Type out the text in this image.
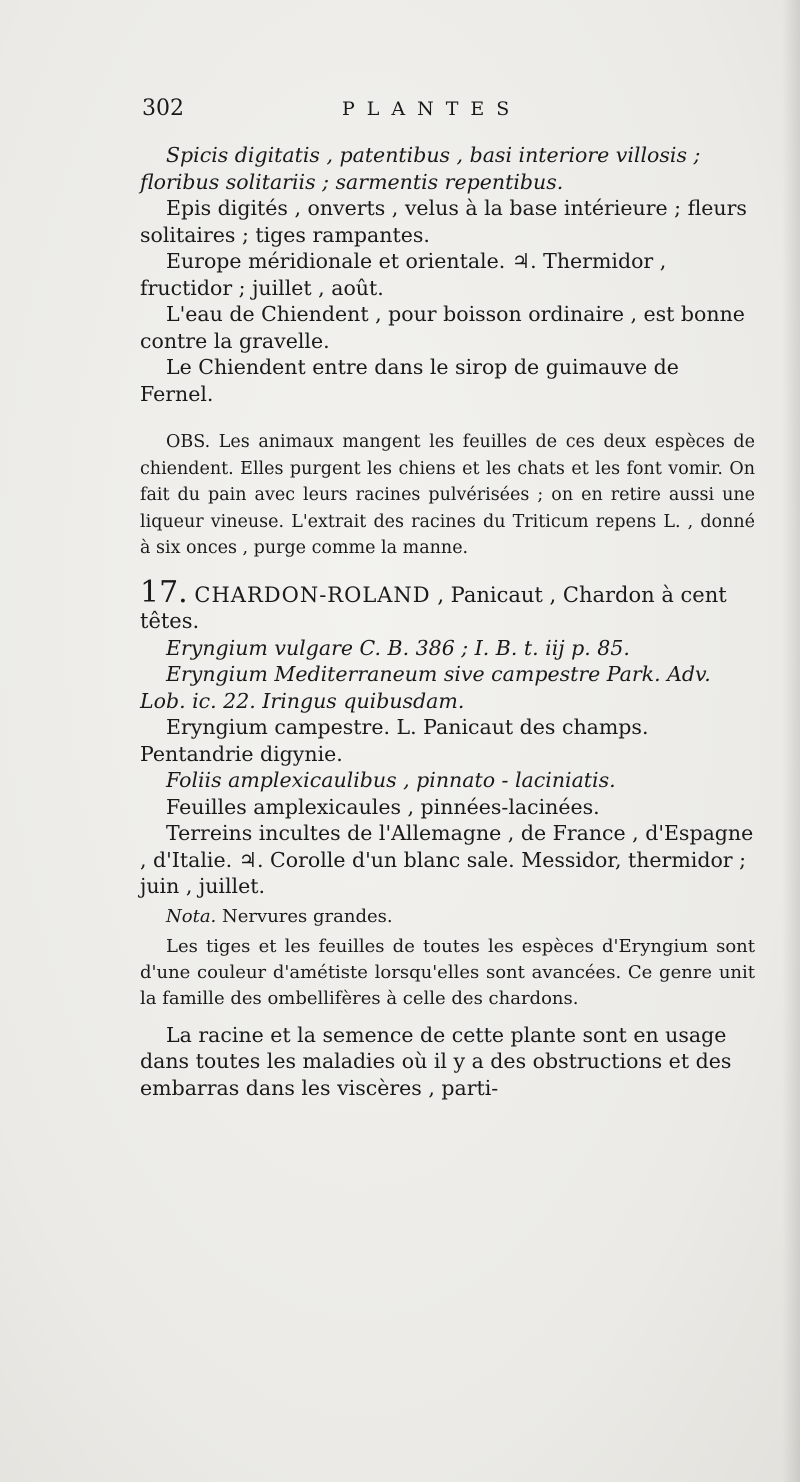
302	PLANTES

Spicis digitatis , patentibus , basi interiore villosis ; floribus solitariis ; sarmentis repentibus.

Epis digités , onverts , velus à la base intérieure ; fleurs solitaires ; tiges rampantes.

Europe méridionale et orientale. ♃. Thermidor , fructidor ; juillet , août.

L'eau de Chiendent , pour boisson ordinaire , est bonne contre la gravelle.

Le Chiendent entre dans le sirop de guimauve de Fernel.

OBS. Les animaux mangent les feuilles de ces deux espèces de chiendent. Elles purgent les chiens et les chats et les font vomir. On fait du pain avec leurs racines pulvérisées ; on en retire aussi une liqueur vineuse. L'extrait des racines du Triticum repens L. , donné à six onces , purge comme la manne.

17. CHARDON-ROLAND , Panicaut , Chardon à cent têtes.

Eryngium vulgare C. B. 386 ; I. B. t. iij p. 85.

Eryngium Mediterraneum sive campestre Park. Adv. Lob. ic. 22. Iringus quibusdam.

Eryngium campestre. L. Panicaut des champs. Pentandrie digynie.

Foliis amplexicaulibus , pinnato - laciniatis.

Feuilles amplexicaules , pinnées-lacinées.

Terreins incultes de l'Allemagne , de France , d'Espagne , d'Italie. ♃. Corolle d'un blanc sale. Messidor, thermidor ; juin , juillet.

Nota. Nervures grandes.

Les tiges et les feuilles de toutes les espèces d'Eryngium sont d'une couleur d'amétiste lorsqu'elles sont avancées. Ce genre unit la famille des ombellifères à celle des chardons.

La racine et la semence de cette plante sont en usage dans toutes les maladies où il y a des obstructions et des embarras dans les viscères , parti-
